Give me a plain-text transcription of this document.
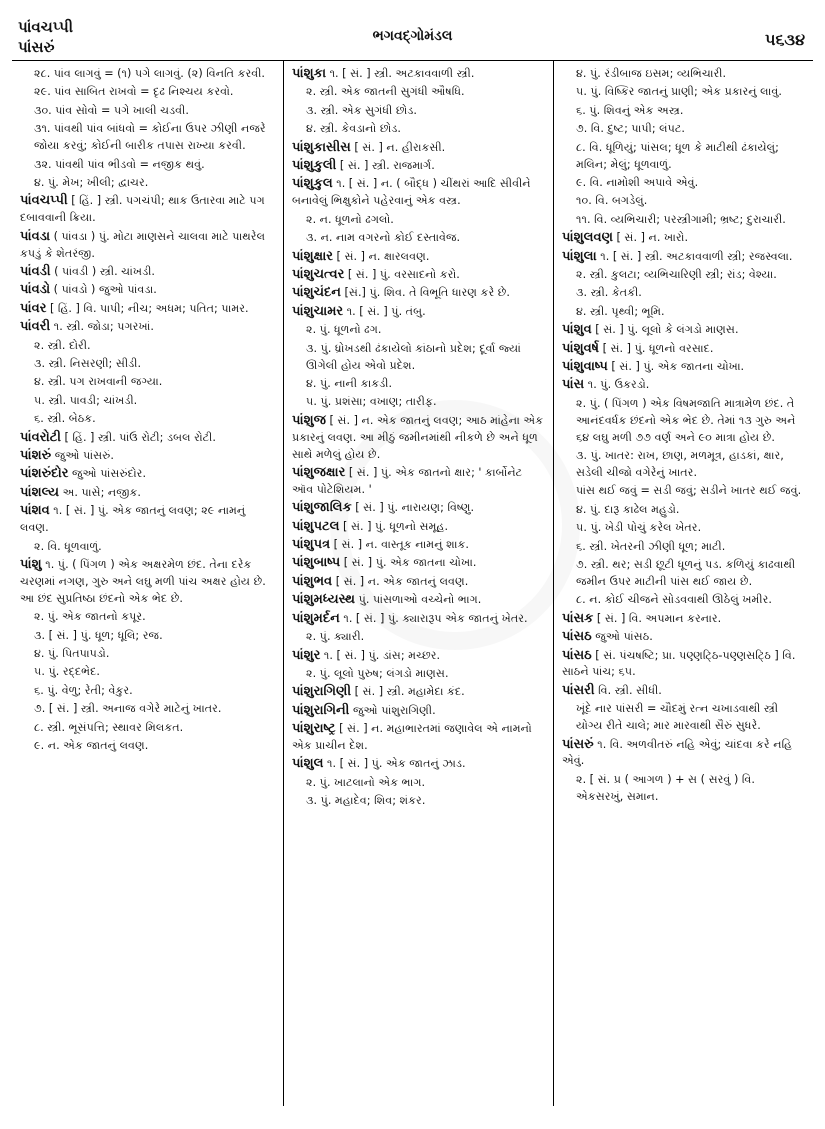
પાંવચપ્પી
પાંસરું
ભગવદ્ગોમંડલ	૫૬૩૪
૨૮. પાંવ લાગવું = (૧) પગે લાગવું. (૨) વિનતિ કરવી.
૨૯. પાંવ સાબિત રાખવો = દૃઢ નિશ્ચય કરવો.
૩૦. પાંવ સોવો = પગે ખાલી ચડવી.
૩૧. પાંવથી પાંવ બાંધવો = કોઈના ઉપર ઝીણી નજરે જોયા કરવું; કોઈની બારીક તપાસ રાખ્યા કરવી.
૩૨. પાંવથી પાંવ ભીડવો = નજીક થવું.
૪. પું. મેખ; ખીલી; દ્વાચર.
પાંવચપ્પી [ હિં. ] સ્ત્રી. પગચંપી; થાક ઉતારવા માટે પગ દબાવવાની ક્રિયા.
પાંવડા ( પાંવડા ) પું. મોટા માણસને ચાલવા માટે પાથરેલ કપડું કે શેતરંજી.
પાંવડી ( પાંવડી ) સ્ત્રી. ચાંખડી.
પાંવડો ( પાંવડો ) જુઓ પાંવડા.
પાંવર [ હિં. ] વિ. પાપી; નીચ; અધમ; પતિત; પામર.
પાંવરી ૧. સ્ત્રી. જોડા; પગરખાં.
૨. સ્ત્રી. દોરી.
૩. સ્ત્રી. નિસરણી; સીડી.
૪. સ્ત્રી. પગ રાખવાની જગ્યા.
૫. સ્ત્રી. પાવડી; ચાંખડી.
૬. સ્ત્રી. બેઠક.
પાંવરોટી [ હિં. ] સ્ત્રી. પાંઉ રોટી; ડબલ રોટી.
પાંશરું જુઓ પાંસરું.
પાંશરુંદોર જુઓ પાંસરુંદોર.
પાંશલ્ય અ. પાસે; નજીક.
પાંશવ ૧. [ સં. ] પું. એક જાતનું લવણ; ૨૯ નામનું લવણ.
૨. વિ. ધૂળવાળું.
પાંશુ ૧. પું. ( પિંગળ ) એક અક્ષરમેળ છંદ. તેના દરેક ચરણમાં નગણ, ગુરુ અને લઘુ મળી પાંચ અક્ષર હોય છે. આ છંદ સુપ્રતિષ્ઠા છંદનો એક ભેદ છે.
૨. પું. એક જાતનો કપૂર.
૩. [ સં. ] પું. ધૂળ; ધૂલિ; રજ.
૪. પું. પિતપાપડો.
૫. પું. રદ્દભેદ.
૬. પું. વેળુ; રેતી; વેકુર.
૭. [ સં. ] સ્ત્રી. અનાજ વગેરે માટેનું ખાતર.
૮. સ્ત્રી. ભૂસંપત્તિ; સ્થાવર મિલકત.
૯. ન. એક જાતનું લવણ.
પાંશુકા ૧. [ સં. ] સ્ત્રી. અટકાવવાળી સ્ત્રી.
૨. સ્ત્રી. એક જાતની સુગંધી ઔષધિ.
૩. સ્ત્રી. એક સુગંધી છોડ.
૪. સ્ત્રી. કેવડાનો છોડ.
પાંશુકાસીસ [ સં. ] ન. હીરાકસી.
પાંશુકુલી [ સં. ] સ્ત્રી. રાજમાર્ગ.
પાંશુકુલ ૧. [ સં. ] ન. ( બૌદ્ધ ) ચીંથરાં આદિ સીવીને બનાવેલું ભિક્ષુકોને પહેરવાનું એક વસ્ત્ર.
૨. ન. ધૂળનો ઢગલો.
૩. ન. નામ વગરનો કોઈ દસ્તાવેજ.
પાંશુક્ષાર [ સં. ] ન. ક્ષારલવણ.
પાંશુચત્વર [ સં. ] પું. વરસાદનો કરો.
પાંશુચંદન [સં.] પું. શિવ. તે વિભૂતિ ધારણ કરે છે.
પાંશુચામર ૧. [ સં. ] પું. તંબુ.
૨. પું. ધૂળનો ઢગ.
૩. પું. ધ્રોખડથી ઢંકાયેલો કાંઠાનો પ્રદેશ; દૂર્વા જ્યાં ઊગેલી હોય એવો પ્રદેશ.
૪. પું. નાની કાકડી.
૫. પું. પ્રશંસા; વખાણ; તારીફ.
પાંશુજ [ સં. ] ન. એક જાતનું લવણ; આઠ માંહેના એક પ્રકારનું લવણ. આ મીઠું જમીનમાંથી નીકળે છે અને ધૂળ સાથે મળેલું હોય છે.
પાંશુજક્ષાર [ સં. ] પું. એક જાતનો ક્ષાર; ' કાર્બોનેટ ઑવ પોટેશિયમ. '
પાંશુજાલિક [ સં. ] પું. નારાયણ; વિષ્ણુ.
પાંશુપટલ [ સં. ] પું. ધૂળનો સમૂહ.
પાંશુપત્ર [ સં. ] ન. વાસ્તૂક નામનું શાક.
પાંશુબાષ્પ [ સં. ] પું. એક જાતના ચોખા.
પાંશુભવ [ સં. ] ન. એક જાતનું લવણ.
પાંશુમધ્યસ્થ પું. પાંસળાઓ વચ્ચેનો ભાગ.
પાંશુમર્દન ૧. [ સં. ] પું. ક્યારારૂપ એક જાતનું ખેતર.
૨. પું. ક્યારી.
પાંશુર ૧. [ સં. ] પું. ડાંસ; મચ્છર.
૨. પું. લૂલો પુરુષ; લંગડો માણસ.
પાંશુરાગિણી [ સં. ] સ્ત્રી. મહામેદા કંદ.
પાંશુરાગિની જુઓ પાંશુરાગિણી.
પાંશુરાષ્ટ્ર [ સં. ] ન. મહાભારતમાં જણાવેલ એ નામનો એક પ્રાચીન દેશ.
પાંશુલ ૧. [ સં. ] પું. એક જાતનું ઝાડ.
૨. પું. ખાટલાનો એક ભાગ.
૩. પું. મહાદેવ; શિવ; શંકર.
૪. પું. રંડીબાજ ઇસમ; વ્યભિચારી.
૫. પું. વિષ્કિર જાતનું પ્રાણી; એક પ્રકારનું લાવું.
૬. પું. શિવનું એક અસ્ત્ર.
૭. વિ. દુષ્ટ; પાપી; લંપટ.
૮. વિ. ધૂળિયું; પાંસલ; ધૂળ કે માટીથી ઢંકાયેલું; મલિન; મેલું; ધૂળવાળું.
૯. વિ. નામોશી અપાવે એવું.
૧૦. વિ. બગડેલું.
૧૧. વિ. વ્યભિચારી; પરસ્ત્રીગામી; ભ્રષ્ટ; દુરાચારી.
પાંશુલવણ [ સં. ] ન. ખારો.
પાંશુલા ૧. [ સં. ] સ્ત્રી. અટકાવવાળી સ્ત્રી; રજસ્વલા.
૨. સ્ત્રી. કુલટા; વ્યભિચારિણી સ્ત્રી; રાંડ; વેશ્યા.
૩. સ્ત્રી. કેતકી.
૪. સ્ત્રી. પૃથ્વી; ભૂમિ.
પાંશુવ [ સં. ] પું. લૂલો કે લંગડો માણસ.
પાંશુવર્ષ [ સં. ] પું. ધૂળનો વરસાદ.
પાંશુવાષ્પ [ સં. ] પું. એક જાતના ચોખા.
પાંસ ૧. પું. ઉકરડો.
૨. પું. ( પિંગળ ) એક વિષમજાતિ માત્રામેળ છંદ. તે આનંદવર્ધક છંદનો એક ભેદ છે. તેમાં ૧૩ ગુરુ અને ૬૪ લઘુ મળી ૭૭ વર્ણ અને ૯૦ માત્રા હોય છે.
૩. પું. ખાતર: રાખ, છાણ, મળમૂત્ર, હાડકાં, ક્ષાર, સડેલી ચીજો વગેરેનું ખાતર.
પાંસ થઈ જવું = સડી જવું; સડીને ખાતર થઈ જવું.
૪. પું. દારૂ કાઢેલ મહુડો.
૫. પું. ખેડી પોચું કરેલ ખેતર.
૬. સ્ત્રી. ખેતરની ઝીણી ધૂળ; માટી.
૭. સ્ત્રી. થર; સડી છૂટી ધૂળનું પડ. કળિયું કાઢવાથી જમીન ઉપર માટીની પાંસ થઈ જાય છે.
૮. ન. કોઈ ચીજને સોડવવાથી ઊઠેલું ખમીર.
પાંસક [ સં. ] વિ. અપમાન કરનાર.
પાંસઠ જુઓ પાંસઠ.
પાંસઠ [ સં. પંચષષ્ટિ; પ્રા. પણ્ણટ્ઠિ-પણ્ણસટ્ઠિ ] વિ. સાઠને પાંચ; ૬૫.
પાંસરી વિ. સ્ત્રી. સીધી.
ખૂંદે નાર પાંસરી = ચૌદમું રત્ન ચખાડવાથી સ્ત્રી યોગ્ય રીતે ચાલે; માર મારવાથી સૈરું સુધરે.
પાંસરું ૧. વિ. અળવીતરું નહિ એવું; ચાંદવા કરે નહિ એવું.
૨. [ સં. પ્ર ( આગળ ) + સ ( સરવું ) વિ. એકસરખું, સમાન.
